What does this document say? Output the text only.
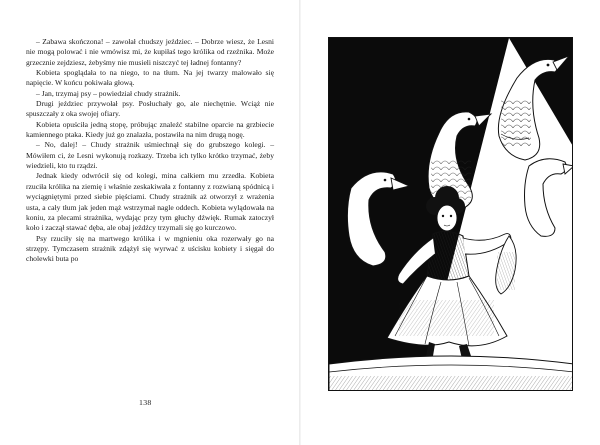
– Zabawa skończona! – zawołał chudszy jeździec. – Dobrze wiesz, że Lesni nie mogą polować i nie wmówisz mi, że kupiłaś tego królika od rzeźnika. Może grzecznie zejdziesz, żebyśmy nie musieli niszczyć tej ładnej fontanny?

Kobieta spoglądała to na niego, to na tłum. Na jej twarzy malowało się napięcie. W końcu pokiwała głową.

– Jan, trzymaj psy – powiedział chudy strażnik.

Drugi jeździec przywołał psy. Posłuchały go, ale niechętnie. Wciąż nie spuszczały z oka swojej ofiary.

Kobieta opuściła jedną stopę, próbując znaleźć stabilne oparcie na grzbiecie kamiennego ptaka. Kiedy już go znalazła, postawiła na nim drugą nogę.

– No, dalej! – Chudy strażnik uśmiechnął się do grubszego kolegi. – Mówiłem ci, że Lesni wykonują rozkazy. Trzeba ich tylko krótko trzymać, żeby wiedzieli, kto tu rządzi.

Jednak kiedy odwrócił się od kolegi, mina całkiem mu zrzedła. Kobieta rzuciła królika na ziemię i właśnie zeskakiwała z fontanny z rozwianą spódnicą i wyciągniętymi przed siebie pięściami. Chudy strażnik aż otworzył z wrażenia usta, a cały tłum jak jeden mąż wstrzymał nagle oddech. Kobieta wylądowała na koniu, za plecami strażnika, wydając przy tym głuchy dźwięk. Rumak zatoczył koło i zaczął stawać dęba, ale obaj jeźdźcy trzymali się go kurczowo.

Psy rzuciły się na martwego królika i w mgnieniu oka rozerwały go na strzępy. Tymczasem strażnik zdążył się wyrwać z uścisku kobiety i sięgał do cholewki buta po

138
